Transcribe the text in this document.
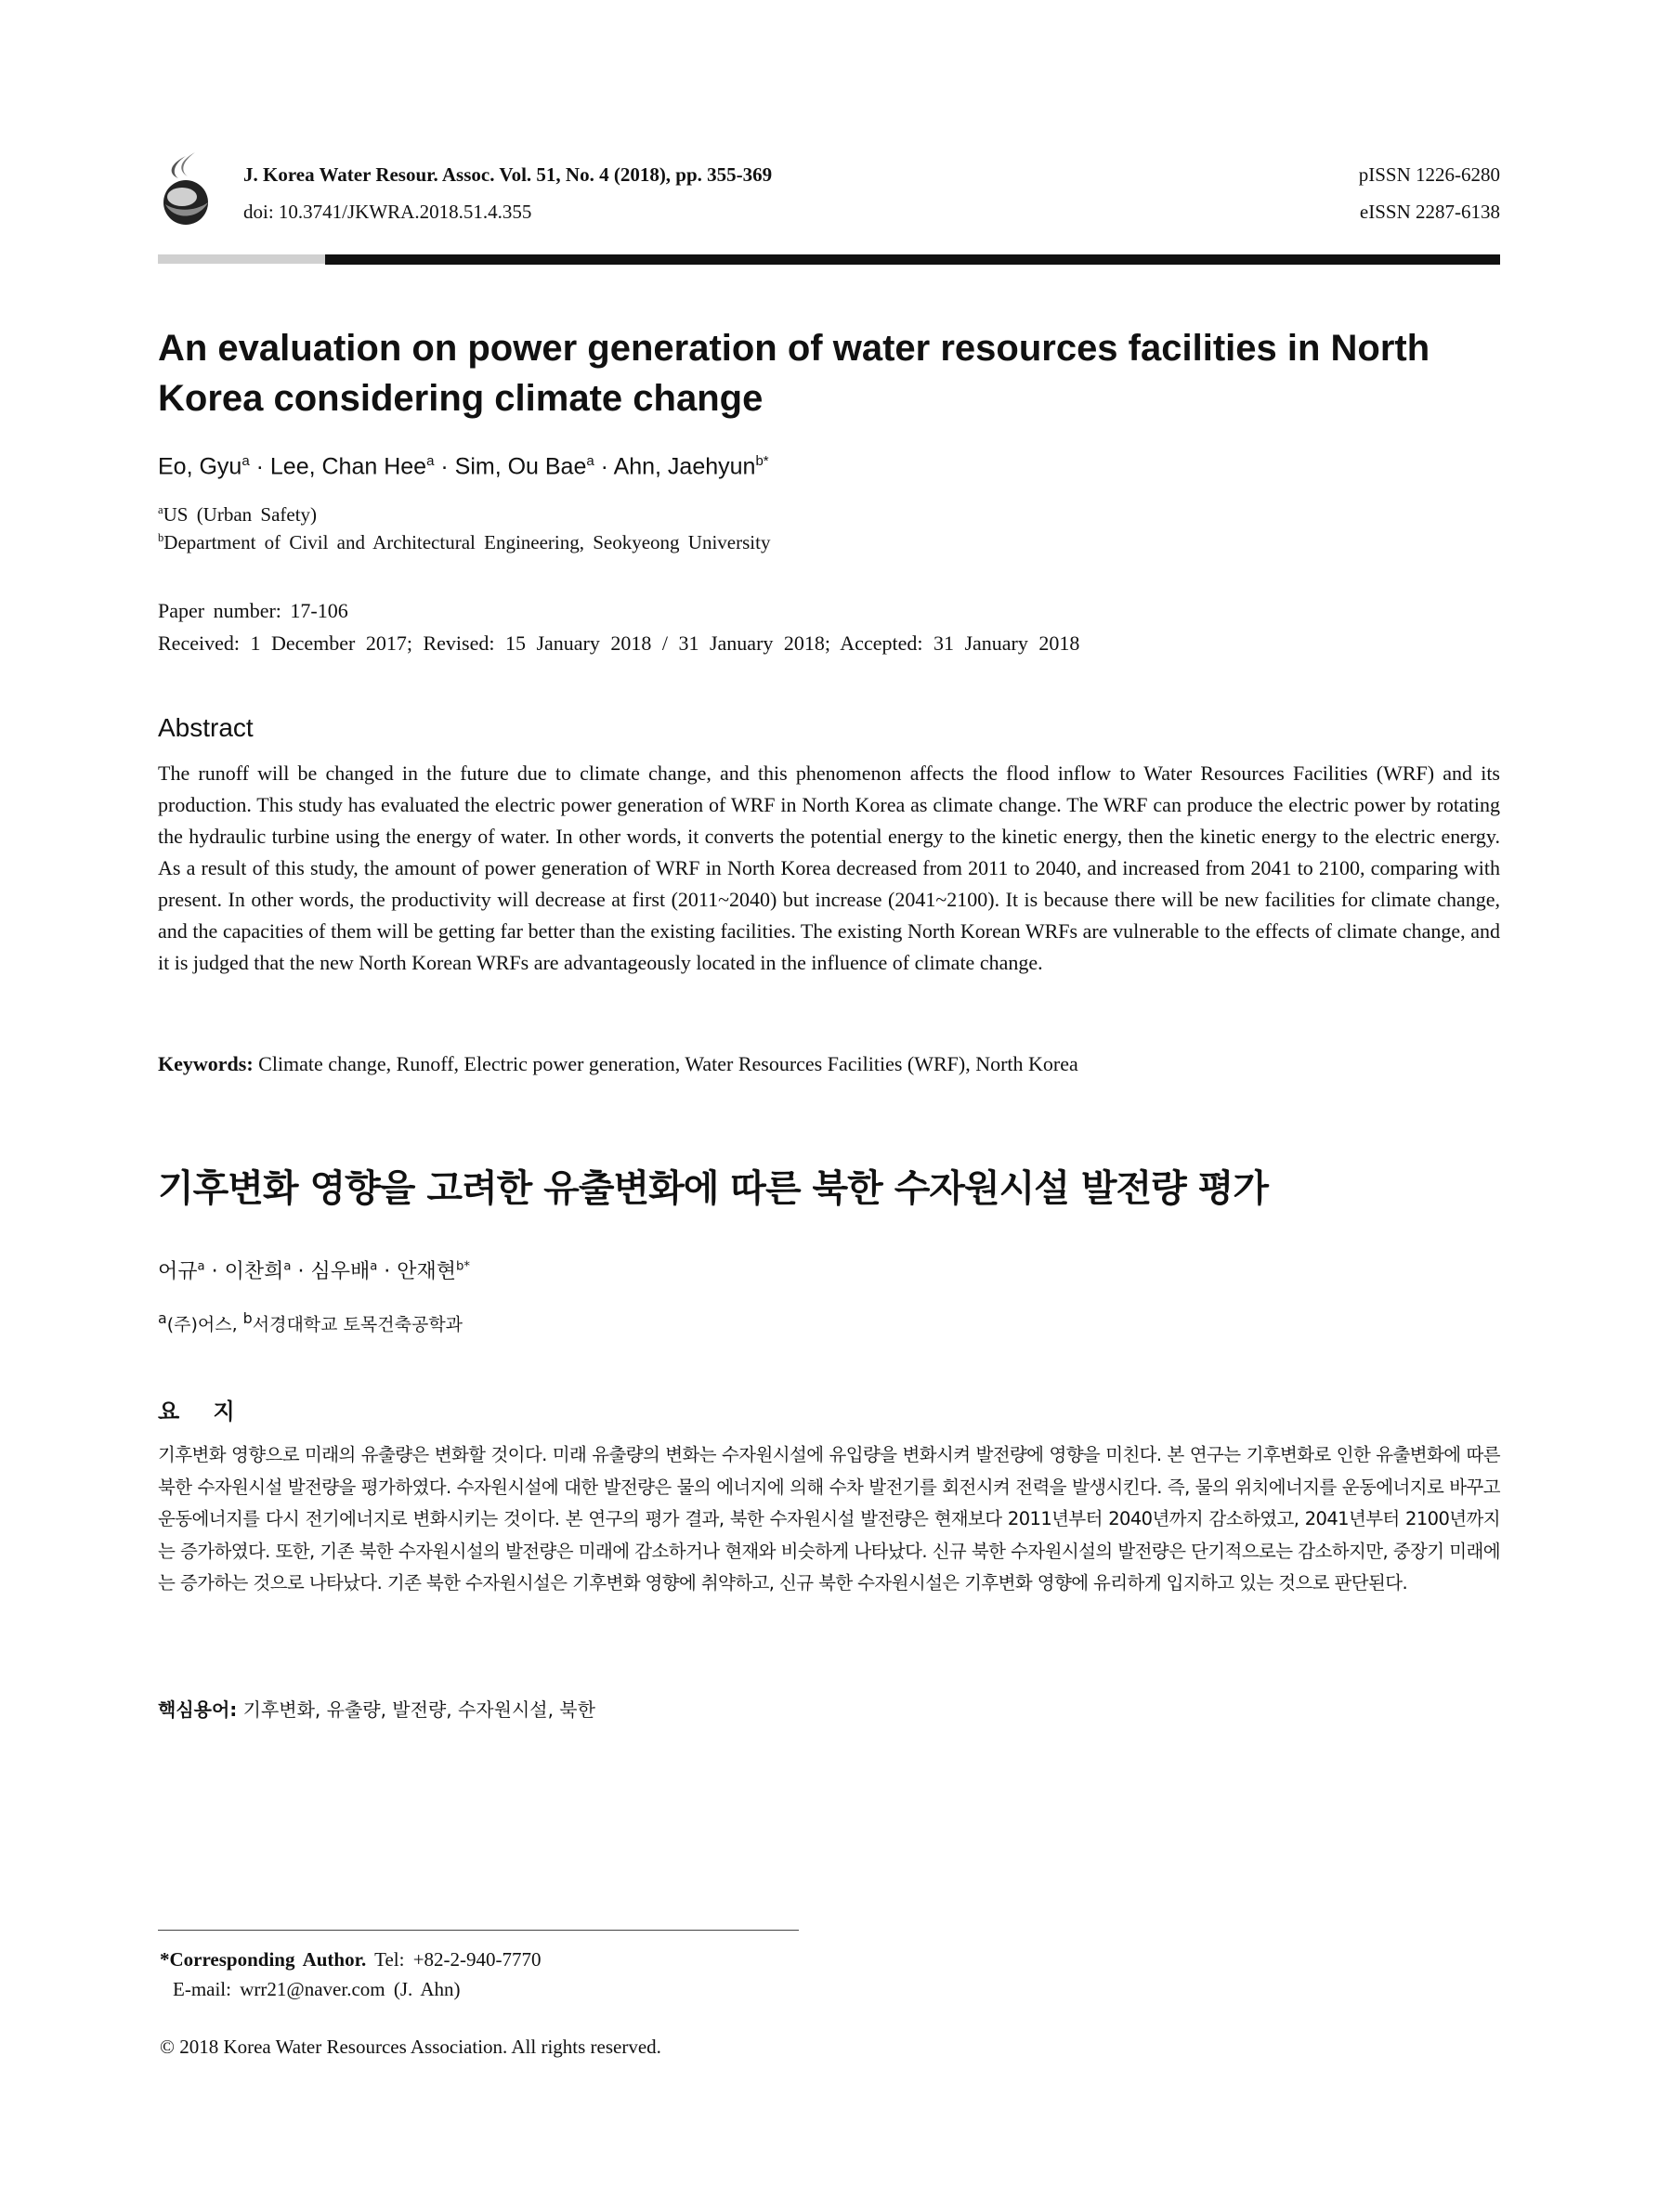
J. Korea Water Resour. Assoc. Vol. 51, No. 4 (2018), pp. 355-369
doi: 10.3741/JKWRA.2018.51.4.355
pISSN 1226-6280
eISSN 2287-6138
An evaluation on power generation of water resources facilities in North Korea considering climate change
Eo, Gyu$^a$ · Lee, Chan Hee$^a$ · Sim, Ou Bae$^a$ · Ahn, Jaehyun$^{b*}$
$^a$US (Urban Safety)
$^b$Department of Civil and Architectural Engineering, Seokyeong University
Paper number: 17-106
Received: 1 December 2017; Revised: 15 January 2018 / 31 January 2018; Accepted: 31 January 2018
Abstract
The runoff will be changed in the future due to climate change, and this phenomenon affects the flood inflow to Water Resources Facilities (WRF) and its production. This study has evaluated the electric power generation of WRF in North Korea as climate change. The WRF can produce the electric power by rotating the hydraulic turbine using the energy of water. In other words, it converts the potential energy to the kinetic energy, then the kinetic energy to the electric energy. As a result of this study, the amount of power generation of WRF in North Korea decreased from 2011 to 2040, and increased from 2041 to 2100, comparing with present. In other words, the productivity will decrease at first (2011~2040) but increase (2041~2100). It is because there will be new facilities for climate change, and the capacities of them will be getting far better than the existing facilities. The existing North Korean WRFs are vulnerable to the effects of climate change, and it is judged that the new North Korean WRFs are advantageously located in the influence of climate change.
Keywords: Climate change, Runoff, Electric power generation, Water Resources Facilities (WRF), North Korea
기후변화 영향을 고려한 유출변화에 따른 북한 수자원시설 발전량 평가
어규$^a$ · 이찬희$^a$ · 심우배$^a$ · 안재현$^{b*}$
$^a$(주)어스, $^b$서경대학교 토목건축공학과
요 지
기후변화 영향으로 미래의 유출량은 변화할 것이다. 미래 유출량의 변화는 수자원시설에 유입량을 변화시켜 발전량에 영향을 미친다. 본 연구는 기후변화로 인한 유출변화에 따른 북한 수자원시설 발전량을 평가하였다. 수자원시설에 대한 발전량은 물의 에너지에 의해 수차 발전기를 회전시켜 전력을 발생시킨다. 즉, 물의 위치에너지를 운동에너지로 바꾸고 운동에너지를 다시 전기에너지로 변화시키는 것이다. 본 연구의 평가 결과, 북한 수자원시설 발전량은 현재보다 2011년부터 2040년까지 감소하였고, 2041년부터 2100년까지는 증가하였다. 또한, 기존 북한 수자원시설의 발전량은 미래에 감소하거나 현재와 비슷하게 나타났다. 신규 북한 수자원시설의 발전량은 단기적으로는 감소하지만, 중장기 미래에는 증가하는 것으로 나타났다. 기존 북한 수자원시설은 기후변화 영향에 취약하고, 신규 북한 수자원시설은 기후변화 영향에 유리하게 입지하고 있는 것으로 판단된다.
핵심용어: 기후변화, 유출량, 발전량, 수자원시설, 북한
*Corresponding Author. Tel: +82-2-940-7770
E-mail: wrr21@naver.com (J. Ahn)
© 2018 Korea Water Resources Association. All rights reserved.
